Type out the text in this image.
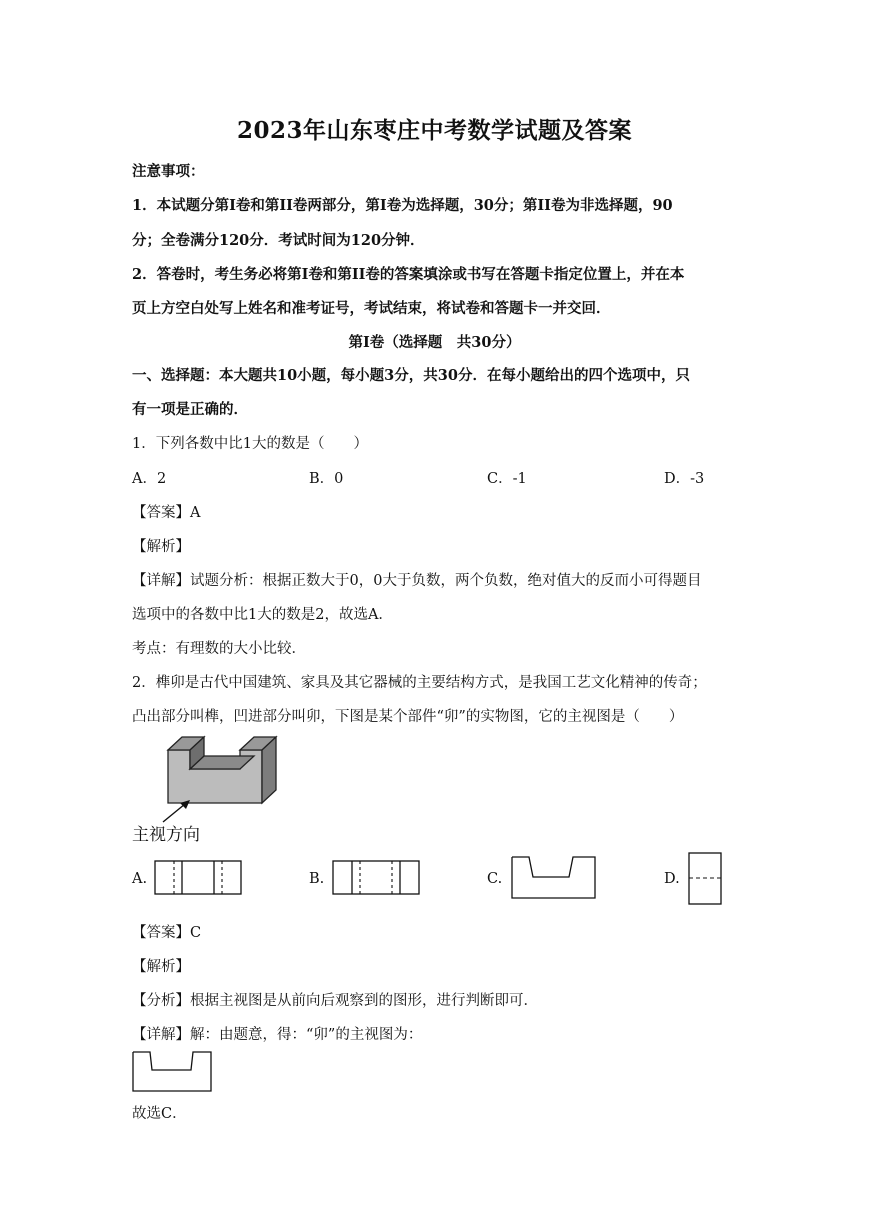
2023年山东枣庄中考数学试题及答案
注意事项：
1．本试题分第Ⅰ卷和第ⅠI卷两部分，第Ⅰ卷为选择题，30分；第ⅠI卷为非选择题，90
分；全卷满分120分．考试时间为120分钟．
2．答卷时，考生务必将第Ⅰ卷和第ⅠI卷的答案填涂或书写在答题卡指定位置上，并在本
页上方空白处写上姓名和准考证号，考试结束，将试卷和答题卡一并交回．
第Ⅰ卷（选择题　共30分）
一、选择题：本大题共10小题，每小题3分，共30分．在每小题给出的四个选项中，只
有一项是正确的．
1．下列各数中比1大的数是（　　）
A．2	B．0	C．-1	D．-3
【答案】A
【解析】
【详解】试题分析：根据正数大于0，0大于负数，两个负数，绝对值大的反而小可得题目
选项中的各数中比1大的数是2，故选A．
考点：有理数的大小比较．
2．榫卯是古代中国建筑、家具及其它器械的主要结构方式，是我国工艺文化精神的传奇；
凸出部分叫榫，凹进部分叫卯，下图是某个部件“卯”的实物图，它的主视图是（　　）
主视方向
A.	B.	C.	D.
【答案】C
【解析】
【分析】根据主视图是从前向后观察到的图形，进行判断即可．
【详解】解：由题意，得：“卯”的主视图为：
故选C．
